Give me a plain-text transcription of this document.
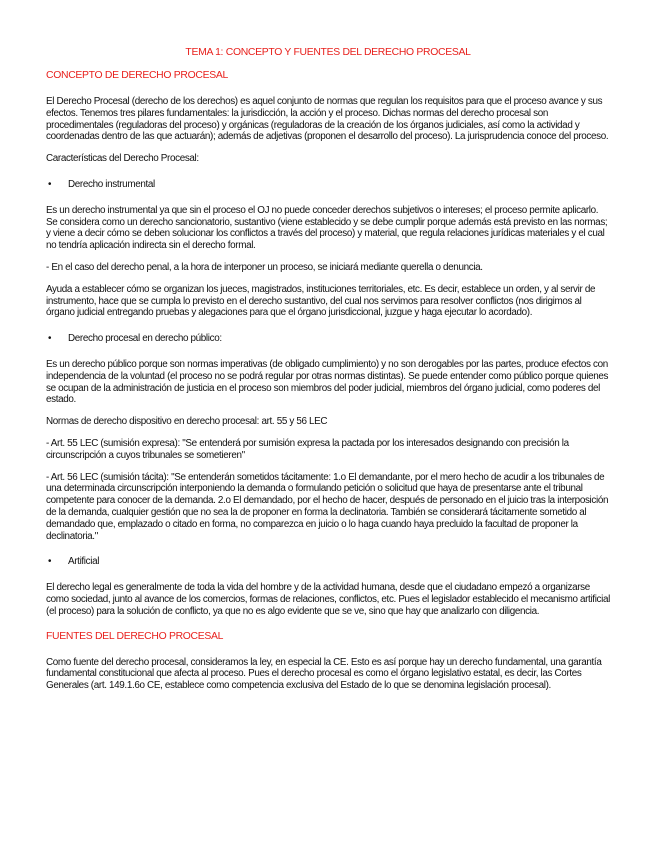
TEMA 1: CONCEPTO Y FUENTES DEL DERECHO PROCESAL
CONCEPTO DE DERECHO PROCESAL

El Derecho Procesal (derecho de los derechos) es aquel conjunto de normas que regulan los requisitos para que el proceso avance y sus efectos. Tenemos tres pilares fundamentales: la jurisdicción, la acción y el proceso. Dichas normas del derecho procesal son procedimentales (reguladoras del proceso) y orgánicas (reguladoras de la creación de los órganos judiciales, así como la actividad y coordenadas dentro de las que actuarán); además de adjetivas (proponen el desarrollo del proceso). La jurisprudencia conoce del proceso.

Características del Derecho Procesal:

•	Derecho instrumental

Es un derecho instrumental ya que sin el proceso el OJ no puede conceder derechos subjetivos o intereses; el proceso permite aplicarlo. Se considera como un derecho sancionatorio, sustantivo (viene establecido y se debe cumplir porque además está previsto en las normas; y viene a decir cómo se deben solucionar los conflictos a través del proceso) y material, que regula relaciones jurídicas materiales y el cual no tendría aplicación indirecta sin el derecho formal.

- En el caso del derecho penal, a la hora de interponer un proceso, se iniciará mediante querella o denuncia.

Ayuda a establecer cómo se organizan los jueces, magistrados, instituciones territoriales, etc. Es decir, establece un orden, y al servir de instrumento, hace que se cumpla lo previsto en el derecho sustantivo, del cual nos servimos para resolver conflictos (nos dirigimos al órgano judicial entregando pruebas y alegaciones para que el órgano jurisdiccional, juzgue y haga ejecutar lo acordado).

•	Derecho procesal en derecho público:

Es un derecho público porque son normas imperativas (de obligado cumplimiento) y no son derogables por las partes, produce efectos con independencia de la voluntad (el proceso no se podrá regular por otras normas distintas). Se puede entender como público porque quienes se ocupan de la administración de justicia en el proceso son miembros del poder judicial, miembros del órgano judicial, como poderes del estado.

Normas de derecho dispositivo en derecho procesal: art. 55 y 56 LEC

- Art. 55 LEC (sumisión expresa): "Se entenderá por sumisión expresa la pactada por los interesados designando con precisión la circunscripción a cuyos tribunales se sometieren"

- Art. 56 LEC (sumisión tácita): "Se entenderán sometidos tácitamente: 1.o El demandante, por el mero hecho de acudir a los tribunales de una determinada circunscripción interponiendo la demanda o formulando petición o solicitud que haya de presentarse ante el tribunal competente para conocer de la demanda. 2.o El demandado, por el hecho de hacer, después de personado en el juicio tras la interposición de la demanda, cualquier gestión que no sea la de proponer en forma la declinatoria. También se considerará tácitamente sometido al demandado que, emplazado o citado en forma, no comparezca en juicio o lo haga cuando haya precluido la facultad de proponer la declinatoria."

•	Artificial

El derecho legal es generalmente de toda la vida del hombre y de la actividad humana, desde que el ciudadano empezó a organizarse como sociedad, junto al avance de los comercios, formas de relaciones, conflictos, etc. Pues el legislador establecido el mecanismo artificial (el proceso) para la solución de conflicto, ya que no es algo evidente que se ve, sino que hay que analizarlo con diligencia.

FUENTES DEL DERECHO PROCESAL

Como fuente del derecho procesal, consideramos la ley, en especial la CE. Esto es así porque hay un derecho fundamental, una garantía fundamental constitucional que afecta al proceso. Pues el derecho procesal es como el órgano legislativo estatal, es decir, las Cortes Generales (art. 149.1.6o CE, establece como competencia exclusiva del Estado de lo que se denomina legislación procesal).
